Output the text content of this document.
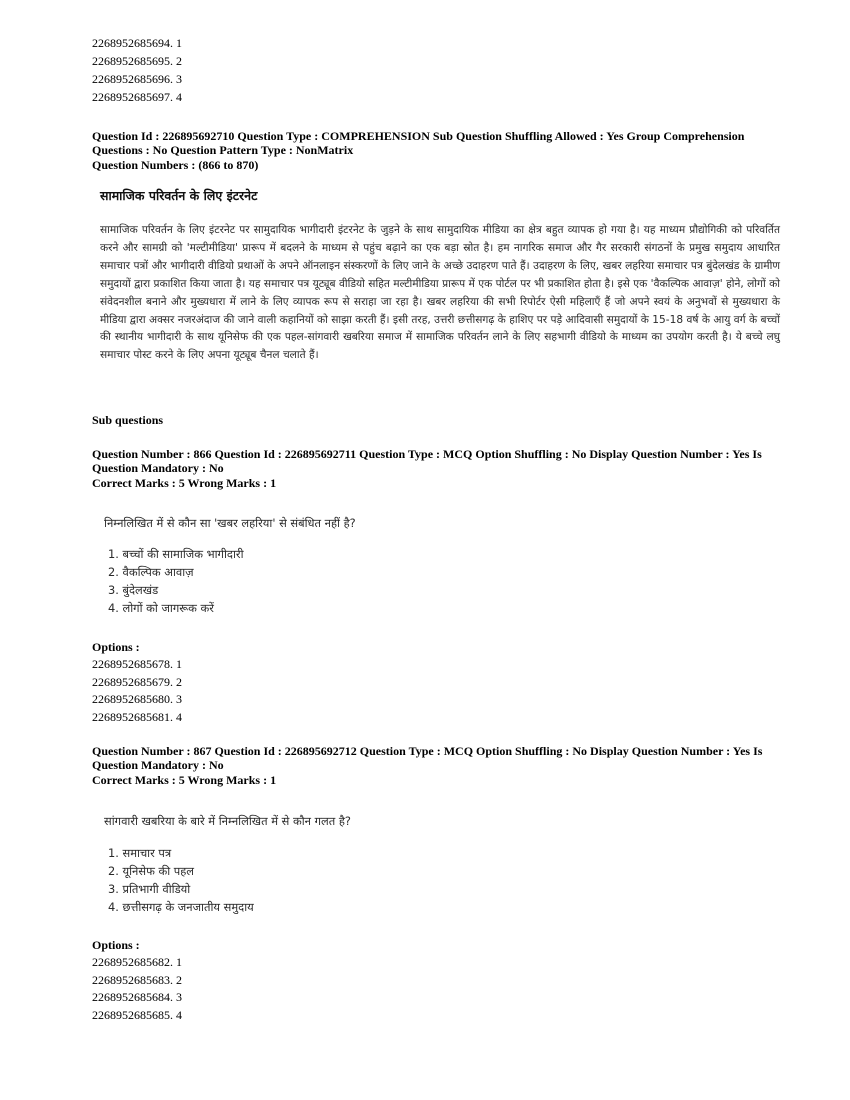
2268952685694. 1
2268952685695. 2
2268952685696. 3
2268952685697. 4
Question Id : 226895692710 Question Type : COMPREHENSION Sub Question Shuffling Allowed : Yes Group Comprehension
Questions : No Question Pattern Type : NonMatrix
Question Numbers : (866 to 870)
सामाजिक परिवर्तन के लिए इंटरनेट
सामाजिक परिवर्तन के लिए इंटरनेट पर सामुदायिक भागीदारी इंटरनेट के जुड़ने के साथ सामुदायिक मीडिया का क्षेत्र बहुत व्यापक हो गया है। यह माध्यम प्रौद्योगिकी को परिवर्तित करने और सामग्री को 'मल्टीमीडिया' प्रारूप में बदलने के माध्यम से पहुंच बढ़ाने का एक बड़ा स्रोत है। हम नागरिक समाज और गैर सरकारी संगठनों के प्रमुख समुदाय आधारित समाचार पत्रों और भागीदारी वीडियो प्रथाओं के अपने ऑनलाइन संस्करणों के लिए जाने के अच्छे उदाहरण पाते हैं। उदाहरण के लिए, खबर लहरिया समाचार पत्र बुंदेलखंड के ग्रामीण समुदायों द्वारा प्रकाशित किया जाता है। यह समाचार पत्र यूट्यूब वीडियो सहित मल्टीमीडिया प्रारूप में एक पोर्टल पर भी प्रकाशित होता है। इसे एक 'वैकल्पिक आवाज़' होने, लोगों को संवेदनशील बनाने और मुख्यधारा में लाने के लिए व्यापक रूप से सराहा जा रहा है। खबर लहरिया की सभी रिपोर्टर ऐसी महिलाएँ हैं जो अपने स्वयं के अनुभवों से मुख्यधारा के मीडिया द्वारा अक्सर नजरअंदाज की जाने वाली कहानियों को साझा करती हैं। इसी तरह, उत्तरी छत्तीसगढ़ के हाशिए पर पड़े आदिवासी समुदायों के 15-18 वर्ष के आयु वर्ग के बच्चों की स्थानीय भागीदारी के साथ यूनिसेफ की एक पहल-सांगवारी खबरिया समाज में सामाजिक परिवर्तन लाने के लिए सहभागी वीडियो के माध्यम का उपयोग करती है। ये बच्चे लघु समाचार पोस्ट करने के लिए अपना यूट्यूब चैनल चलाते हैं।
Sub questions
Question Number : 866 Question Id : 226895692711 Question Type : MCQ Option Shuffling : No Display Question Number : Yes Is
Question Mandatory : No
Correct Marks : 5 Wrong Marks : 1
निम्नलिखित में से कौन सा 'खबर लहरिया' से संबंधित नहीं है?
1. बच्चों की सामाजिक भागीदारी
2. वैकल्पिक आवाज़
3. बुंदेलखंड
4. लोगों को जागरूक करें
Options :
2268952685678. 1
2268952685679. 2
2268952685680. 3
2268952685681. 4
Question Number : 867 Question Id : 226895692712 Question Type : MCQ Option Shuffling : No Display Question Number : Yes Is
Question Mandatory : No
Correct Marks : 5 Wrong Marks : 1
सांगवारी खबरिया के बारे में निम्नलिखित में से कौन गलत है?
1. समाचार पत्र
2. यूनिसेफ की पहल
3. प्रतिभागी वीडियो
4. छत्तीसगढ़ के जनजातीय समुदाय
Options :
2268952685682. 1
2268952685683. 2
2268952685684. 3
2268952685685. 4
